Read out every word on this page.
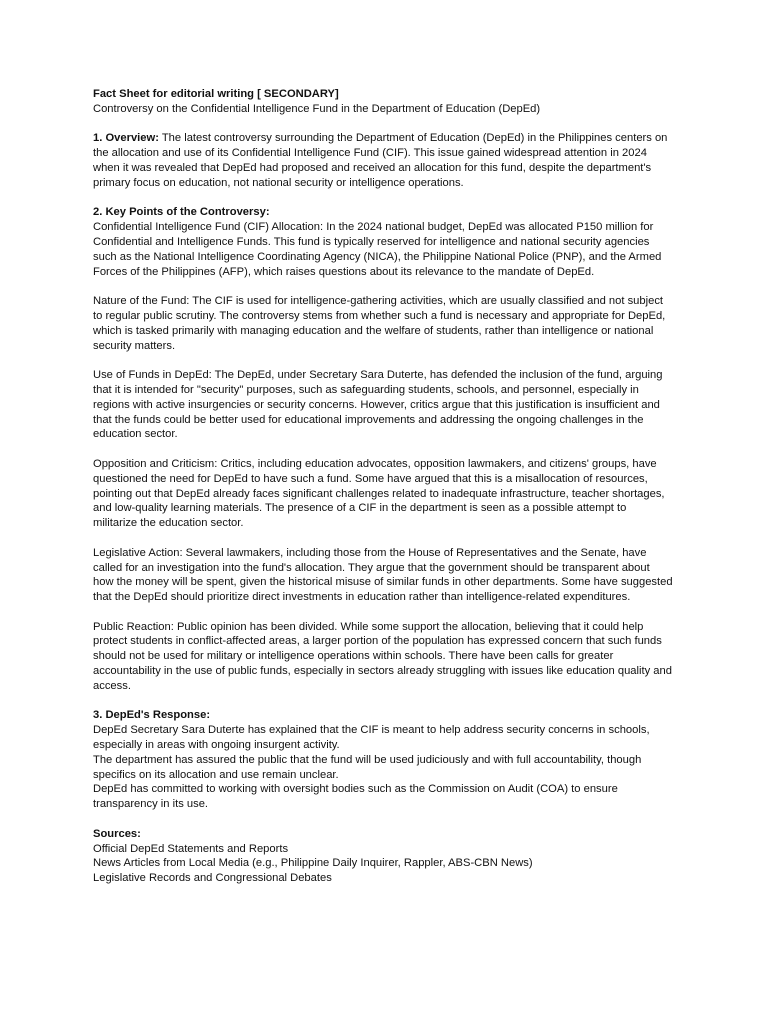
Fact Sheet for editorial writing [ SECONDARY]

Controversy on the Confidential Intelligence Fund in the Department of Education (DepEd)

1. Overview: The latest controversy surrounding the Department of Education (DepEd) in the Philippines centers on the allocation and use of its Confidential Intelligence Fund (CIF). This issue gained widespread attention in 2024 when it was revealed that DepEd had proposed and received an allocation for this fund, despite the department's primary focus on education, not national security or intelligence operations.

2. Key Points of the Controversy:

Confidential Intelligence Fund (CIF) Allocation: In the 2024 national budget, DepEd was allocated P150 million for Confidential and Intelligence Funds. This fund is typically reserved for intelligence and national security agencies such as the National Intelligence Coordinating Agency (NICA), the Philippine National Police (PNP), and the Armed Forces of the Philippines (AFP), which raises questions about its relevance to the mandate of DepEd.

Nature of the Fund: The CIF is used for intelligence-gathering activities, which are usually classified and not subject to regular public scrutiny. The controversy stems from whether such a fund is necessary and appropriate for DepEd, which is tasked primarily with managing education and the welfare of students, rather than intelligence or national security matters.

Use of Funds in DepEd: The DepEd, under Secretary Sara Duterte, has defended the inclusion of the fund, arguing that it is intended for "security" purposes, such as safeguarding students, schools, and personnel, especially in regions with active insurgencies or security concerns. However, critics argue that this justification is insufficient and that the funds could be better used for educational improvements and addressing the ongoing challenges in the education sector.

Opposition and Criticism: Critics, including education advocates, opposition lawmakers, and citizens' groups, have questioned the need for DepEd to have such a fund. Some have argued that this is a misallocation of resources, pointing out that DepEd already faces significant challenges related to inadequate infrastructure, teacher shortages, and low-quality learning materials. The presence of a CIF in the department is seen as a possible attempt to militarize the education sector.

Legislative Action: Several lawmakers, including those from the House of Representatives and the Senate, have called for an investigation into the fund's allocation. They argue that the government should be transparent about how the money will be spent, given the historical misuse of similar funds in other departments. Some have suggested that the DepEd should prioritize direct investments in education rather than intelligence-related expenditures.

Public Reaction: Public opinion has been divided. While some support the allocation, believing that it could help protect students in conflict-affected areas, a larger portion of the population has expressed concern that such funds should not be used for military or intelligence operations within schools. There have been calls for greater accountability in the use of public funds, especially in sectors already struggling with issues like education quality and access.

3. DepEd's Response:

DepEd Secretary Sara Duterte has explained that the CIF is meant to help address security concerns in schools, especially in areas with ongoing insurgent activity.

The department has assured the public that the fund will be used judiciously and with full accountability, though specifics on its allocation and use remain unclear.

DepEd has committed to working with oversight bodies such as the Commission on Audit (COA) to ensure transparency in its use.

Sources:

Official DepEd Statements and Reports

News Articles from Local Media (e.g., Philippine Daily Inquirer, Rappler, ABS-CBN News)

Legislative Records and Congressional Debates
